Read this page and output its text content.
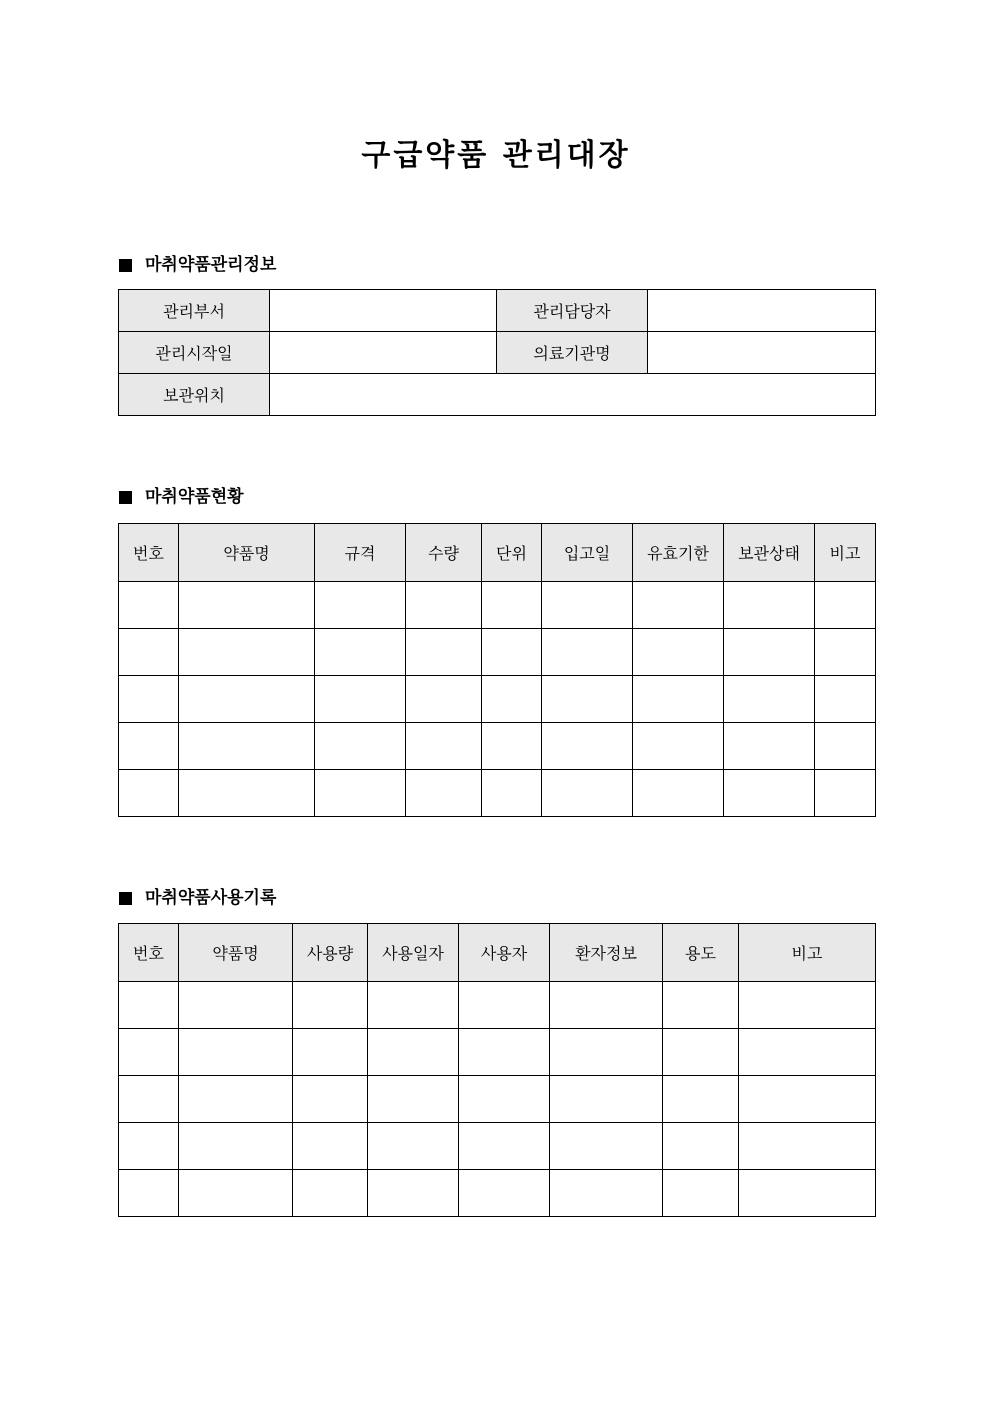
구급약품 관리대장
마취약품관리정보
관리부서		관리담당자	
관리시작일		의료기관명	
보관위치			
마취약품현황
번호	약품명	규격	수량	단위	입고일	유효기한	보관상태	비고

마취약품사용기록
번호	약품명	사용량	사용일자	사용자	환자정보	용도	비고
